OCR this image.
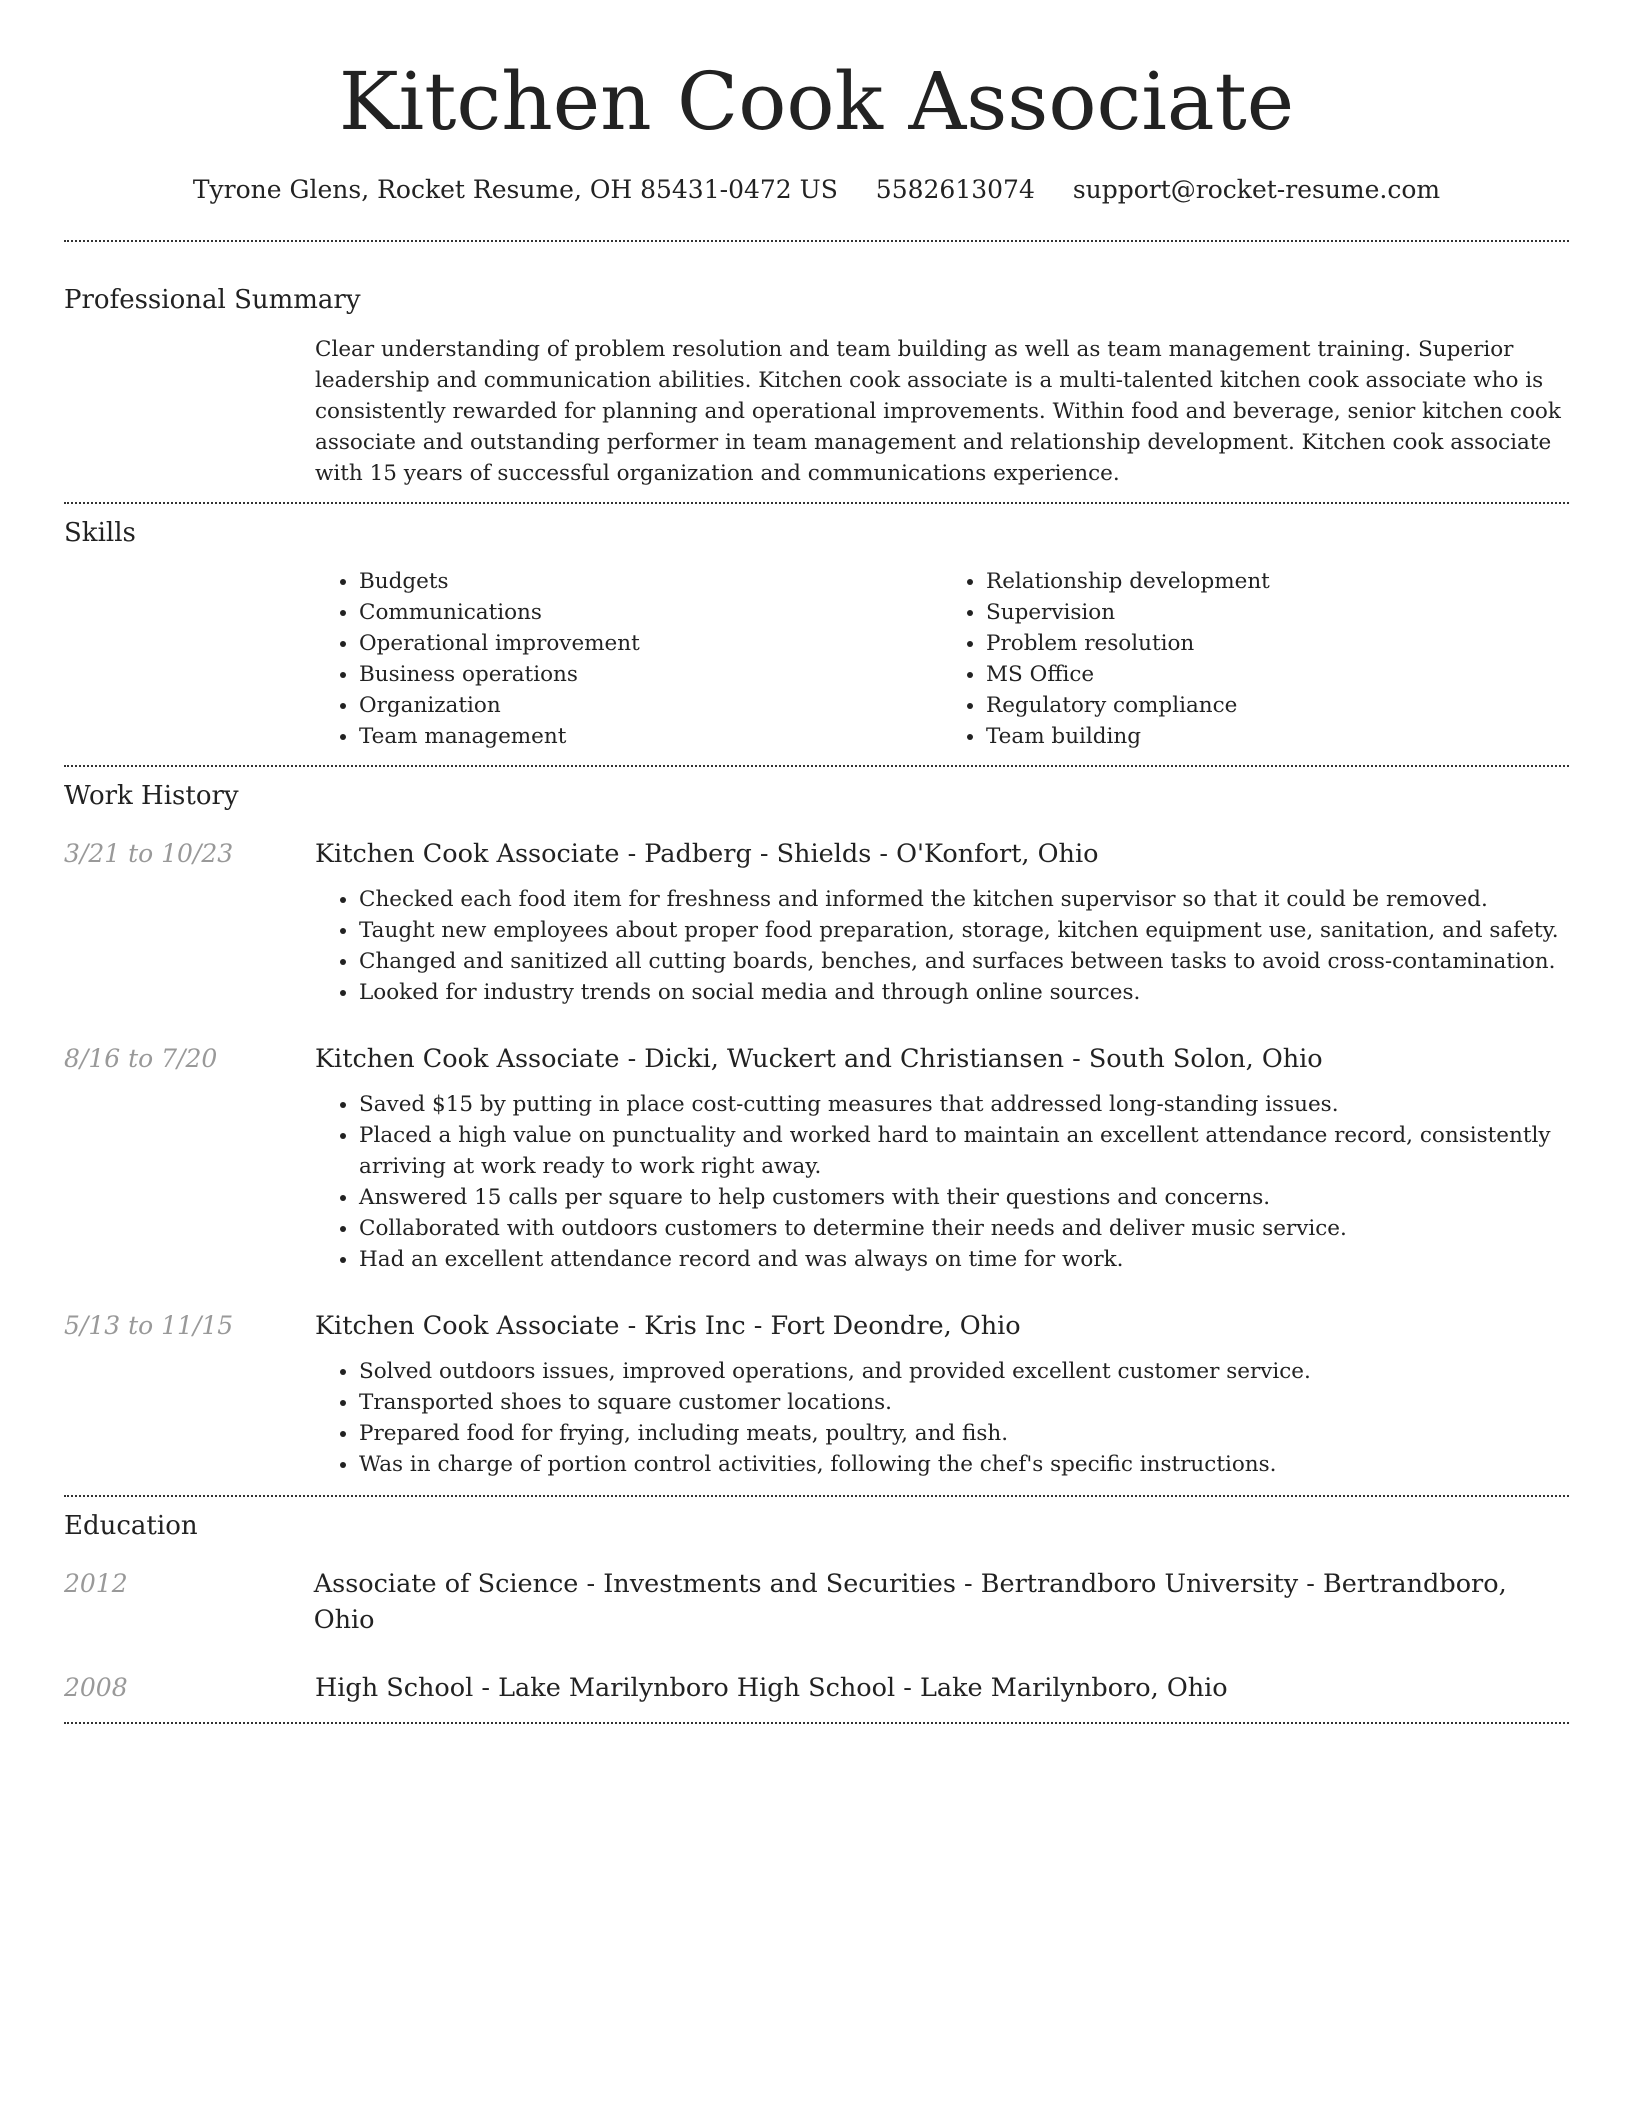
Kitchen Cook Associate
Tyrone Glens, Rocket Resume, OH 85431-0472 US 5582613074 support@rocket-resume.com
Professional Summary
Clear understanding of problem resolution and team building as well as team management training. Superior leadership and communication abilities. Kitchen cook associate is a multi-talented kitchen cook associate who is consistently rewarded for planning and operational improvements. Within food and beverage, senior kitchen cook associate and outstanding performer in team management and relationship development. Kitchen cook associate with 15 years of successful organization and communications experience.
Skills
• Budgets
• Communications
• Operational improvement
• Business operations
• Organization
• Team management
• Relationship development
• Supervision
• Problem resolution
• MS Office
• Regulatory compliance
• Team building
Work History
3/21 to 10/23	Kitchen Cook Associate - Padberg - Shields - O'Konfort, Ohio
• Checked each food item for freshness and informed the kitchen supervisor so that it could be removed.
• Taught new employees about proper food preparation, storage, kitchen equipment use, sanitation, and safety.
• Changed and sanitized all cutting boards, benches, and surfaces between tasks to avoid cross-contamination.
• Looked for industry trends on social media and through online sources.
8/16 to 7/20	Kitchen Cook Associate - Dicki, Wuckert and Christiansen - South Solon, Ohio
• Saved $15 by putting in place cost-cutting measures that addressed long-standing issues.
• Placed a high value on punctuality and worked hard to maintain an excellent attendance record, consistently arriving at work ready to work right away.
• Answered 15 calls per square to help customers with their questions and concerns.
• Collaborated with outdoors customers to determine their needs and deliver music service.
• Had an excellent attendance record and was always on time for work.
5/13 to 11/15	Kitchen Cook Associate - Kris Inc - Fort Deondre, Ohio
• Solved outdoors issues, improved operations, and provided excellent customer service.
• Transported shoes to square customer locations.
• Prepared food for frying, including meats, poultry, and fish.
• Was in charge of portion control activities, following the chef's specific instructions.
Education
2012	Associate of Science - Investments and Securities - Bertrandboro University - Bertrandboro, Ohio
2008	High School - Lake Marilynboro High School - Lake Marilynboro, Ohio
